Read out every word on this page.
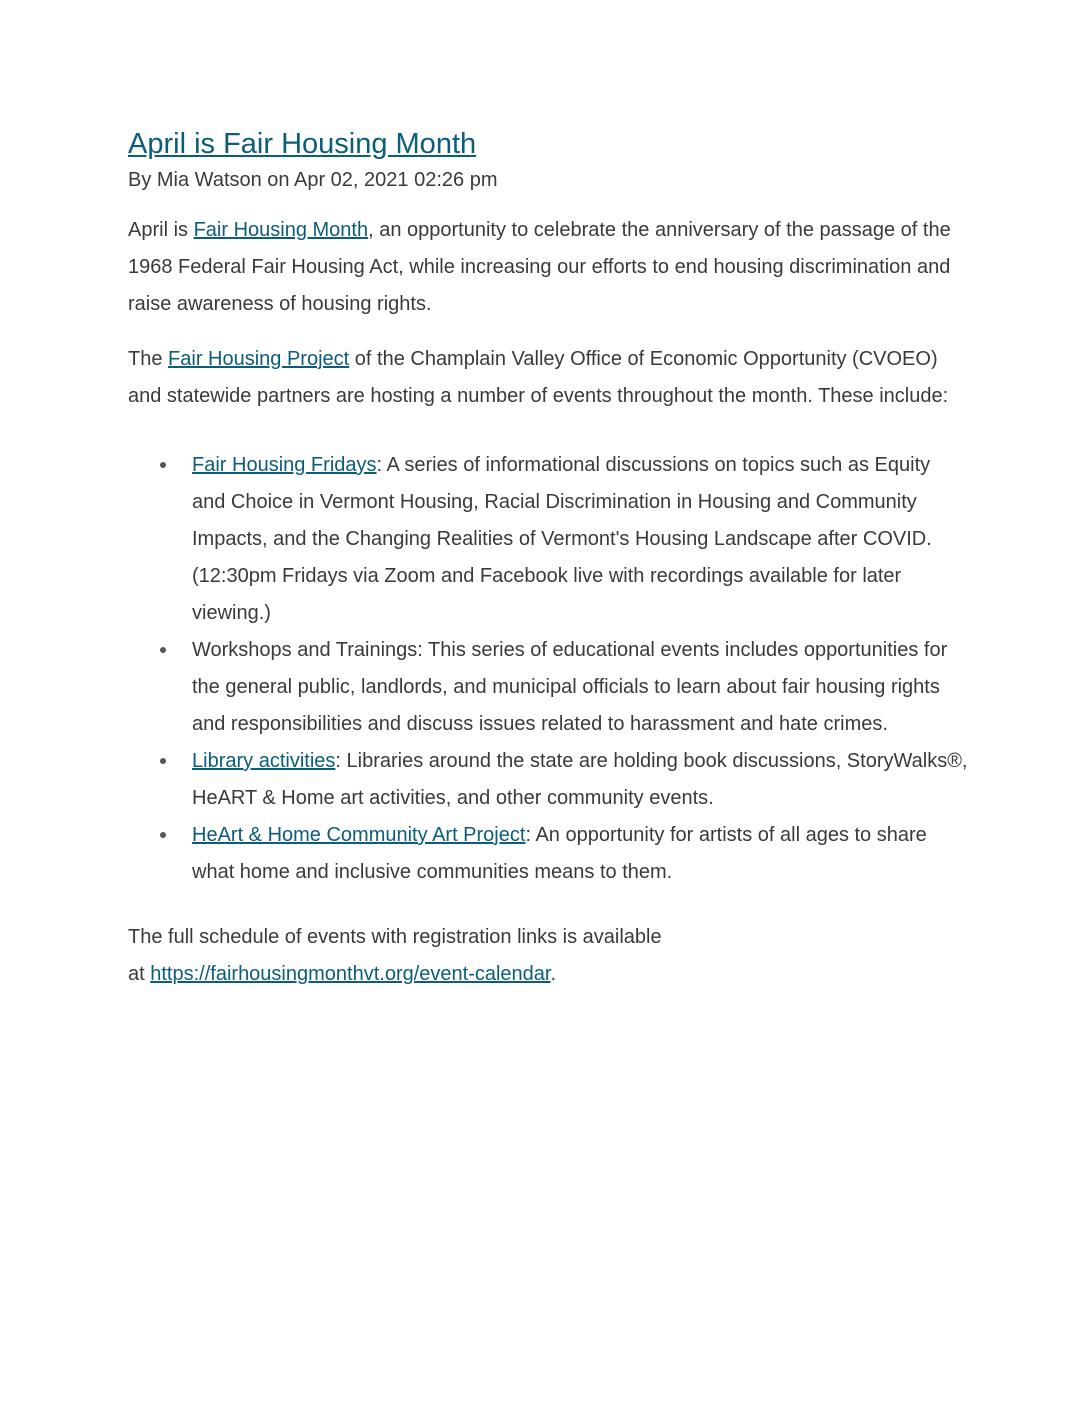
April is Fair Housing Month
By Mia Watson on Apr 02, 2021 02:26 pm

April is Fair Housing Month, an opportunity to celebrate the anniversary of the passage of the 1968 Federal Fair Housing Act, while increasing our efforts to end housing discrimination and raise awareness of housing rights.

The Fair Housing Project of the Champlain Valley Office of Economic Opportunity (CVOEO) and statewide partners are hosting a number of events throughout the month. These include:

Fair Housing Fridays: A series of informational discussions on topics such as Equity and Choice in Vermont Housing, Racial Discrimination in Housing and Community Impacts, and the Changing Realities of Vermont's Housing Landscape after COVID. (12:30pm Fridays via Zoom and Facebook live with recordings available for later viewing.)
Workshops and Trainings: This series of educational events includes opportunities for the general public, landlords, and municipal officials to learn about fair housing rights and responsibilities and discuss issues related to harassment and hate crimes.
Library activities: Libraries around the state are holding book discussions, StoryWalks®, HeART & Home art activities, and other community events.
HeArt & Home Community Art Project: An opportunity for artists of all ages to share what home and inclusive communities means to them.

The full schedule of events with registration links is available
at https://fairhousingmonthvt.org/event-calendar.
